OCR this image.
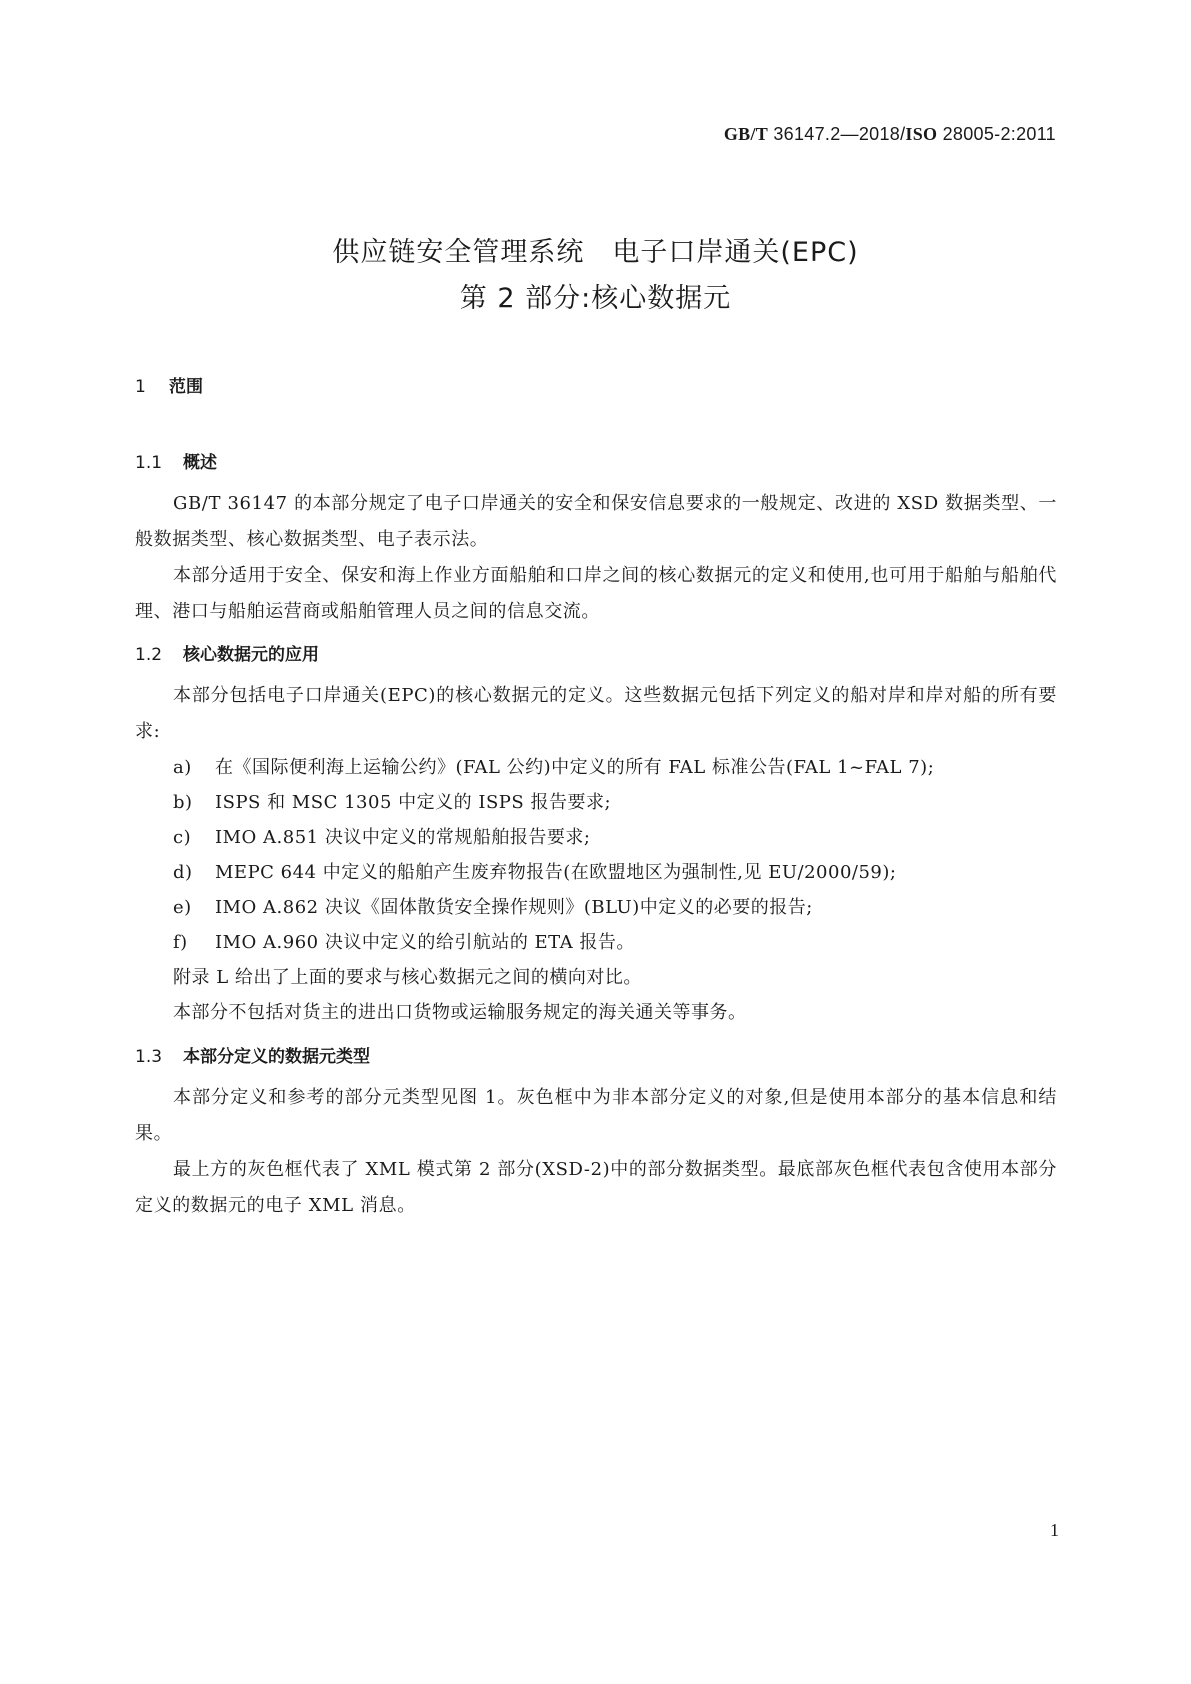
GB/T 36147.2—2018/ISO 28005-2:2011
供应链安全管理系统 电子口岸通关(EPC)
第 2 部分:核心数据元
1 范围
1.1 概述

GB/T 36147 的本部分规定了电子口岸通关的安全和保安信息要求的一般规定、改进的 XSD 数据类型、一般数据类型、核心数据类型、电子表示法。

本部分适用于安全、保安和海上作业方面船舶和口岸之间的核心数据元的定义和使用,也可用于船舶与船舶代理、港口与船舶运营商或船舶管理人员之间的信息交流。

1.2 核心数据元的应用

本部分包括电子口岸通关(EPC)的核心数据元的定义。这些数据元包括下列定义的船对岸和岸对船的所有要求:

a) 在《国际便利海上运输公约》(FAL 公约)中定义的所有 FAL 标准公告(FAL 1~FAL 7);
b) ISPS 和 MSC 1305 中定义的 ISPS 报告要求;
c) IMO A.851 决议中定义的常规船舶报告要求;
d) MEPC 644 中定义的船舶产生废弃物报告(在欧盟地区为强制性,见 EU/2000/59);
e) IMO A.862 决议《固体散货安全操作规则》(BLU)中定义的必要的报告;
f) IMO A.960 决议中定义的给引航站的 ETA 报告。
附录 L 给出了上面的要求与核心数据元之间的横向对比。
本部分不包括对货主的进出口货物或运输服务规定的海关通关等事务。
1.3 本部分定义的数据元类型

本部分定义和参考的部分元类型见图 1。灰色框中为非本部分定义的对象,但是使用本部分的基本信息和结果。

最上方的灰色框代表了 XML 模式第 2 部分(XSD-2)中的部分数据类型。最底部灰色框代表包含使用本部分定义的数据元的电子 XML 消息。

1
